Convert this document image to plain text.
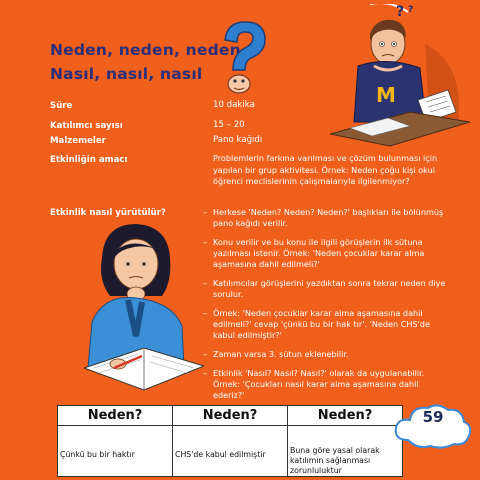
Neden, neden, neden
Nasıl, nasıl, nasıl
? ?
M
Süre	10 dakika
Katılımcı sayısı	15 – 20
Malzemeler	Pano kağıdı
Etkinliğin amacı	Problemlerin farkına varılması ve çözüm bulunması için yapılan bir grup aktivitesi. Örnek: Neden çoğu kişi okul öğrenci meclislerinin çalışmalarıyla ilgilenmiyor?
Etkinlik nasıl yürütülür?	– Herkese 'Neden? Neden? Neden?' başlıkları ile bölünmüş pano kağıdı verilir.
– Konu verilir ve bu konu ile ilgili görüşlerin ilk sütuna yazılması istenir. Örnek: 'Neden çocuklar karar alma aşamasına dahil edilmeli?'
– Katılımcılar görüşlerini yazdıktan sonra tekrar neden diye sorulur.
– Örnek: 'Neden çocuklar karar alma aşamasına dahil edilmeli?' cevap 'çünkü bu bir hak tır'. 'Neden CHS'de kabul edilmiştir?'
– Zaman varsa 3. sütun eklenebilir.
– Etkinlik 'Nasıl? Nasıl? Nasıl?' olarak da uygulanabilir. Örnek: 'Çocukları nasıl karar alma aşamasına dahil ederiz?'
Neden?	Neden?	Neden?
Çünkü bu bir haktır	CHS'de kabul edilmiştir	Buna göre yasal olarak katılımın sağlanması zorunluluktur
59
